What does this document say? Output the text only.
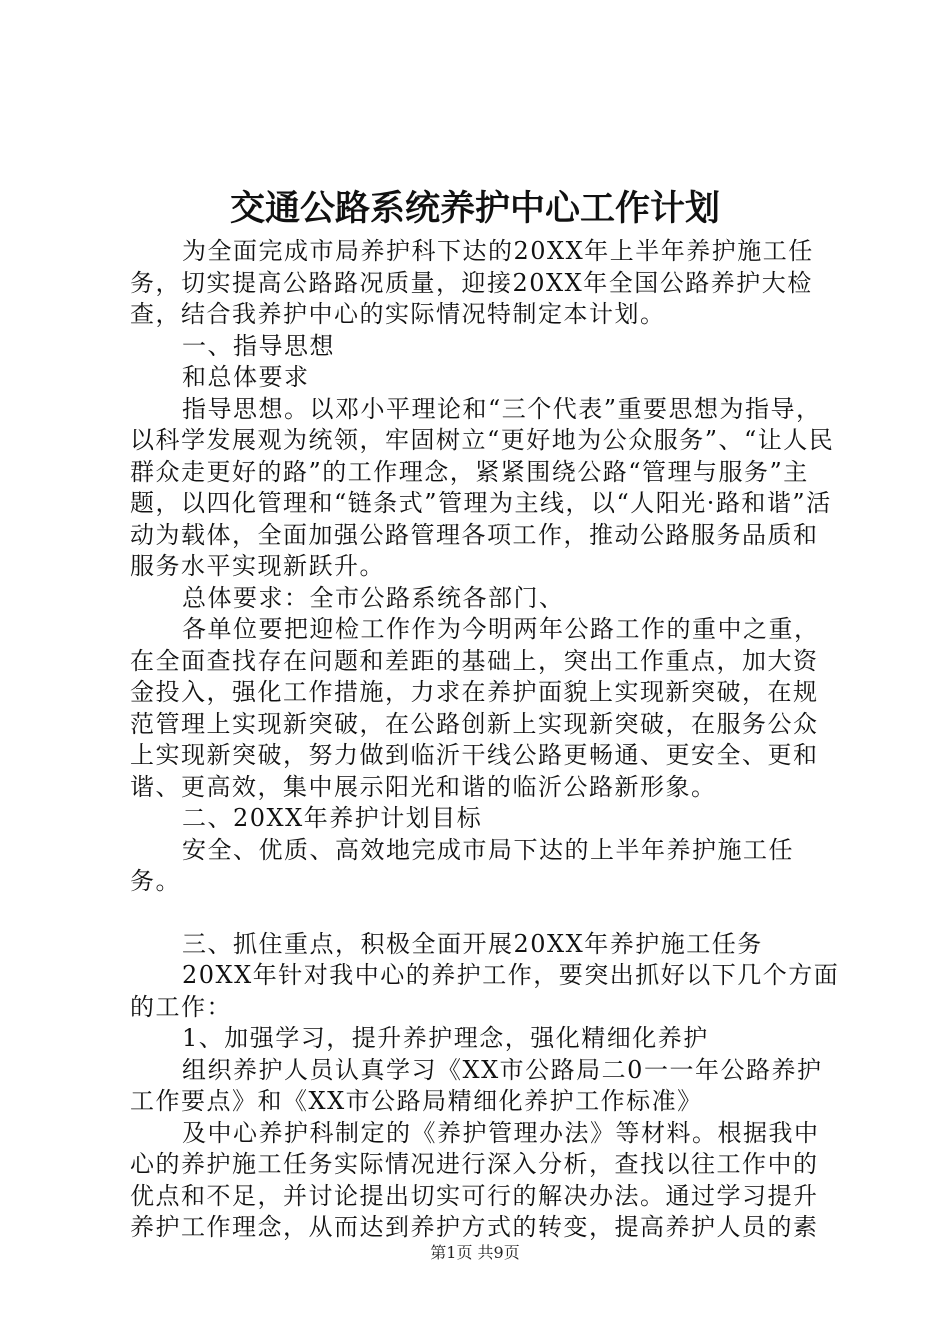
交通公路系统养护中心工作计划

为全面完成市局养护科下达的20XX年上半年养护施工任务，切实提高公路路况质量，迎接20XX年全国公路养护大检查，结合我养护中心的实际情况特制定本计划。

一、指导思想

和总体要求

指导思想。以邓小平理论和“三个代表”重要思想为指导，以科学发展观为统领，牢固树立“更好地为公众服务”、“让人民群众走更好的路”的工作理念，紧紧围绕公路“管理与服务”主题，以四化管理和“链条式”管理为主线，以“人阳光·路和谐”活动为载体，全面加强公路管理各项工作，推动公路服务品质和服务水平实现新跃升。

总体要求：全市公路系统各部门、

各单位要把迎检工作作为今明两年公路工作的重中之重，在全面查找存在问题和差距的基础上，突出工作重点，加大资金投入，强化工作措施，力求在养护面貌上实现新突破，在规范管理上实现新突破，在公路创新上实现新突破，在服务公众上实现新突破，努力做到临沂干线公路更畅通、更安全、更和谐、更高效，集中展示阳光和谐的临沂公路新形象。

二、20XX年养护计划目标

安全、优质、高效地完成市局下达的上半年养护施工任务。

三、抓住重点，积极全面开展20XX年养护施工任务

20XX年针对我中心的养护工作，要突出抓好以下几个方面的工作：

1、加强学习，提升养护理念，强化精细化养护

组织养护人员认真学习《XX市公路局二0一一年公路养护工作要点》和《XX市公路局精细化养护工作标准》

及中心养护科制定的《养护管理办法》等材料。根据我中心的养护施工任务实际情况进行深入分析，查找以往工作中的优点和不足，并讨论提出切实可行的解决办法。通过学习提升养护工作理念，从而达到养护方式的转变，提高养护人员的素

第1页 共9页
